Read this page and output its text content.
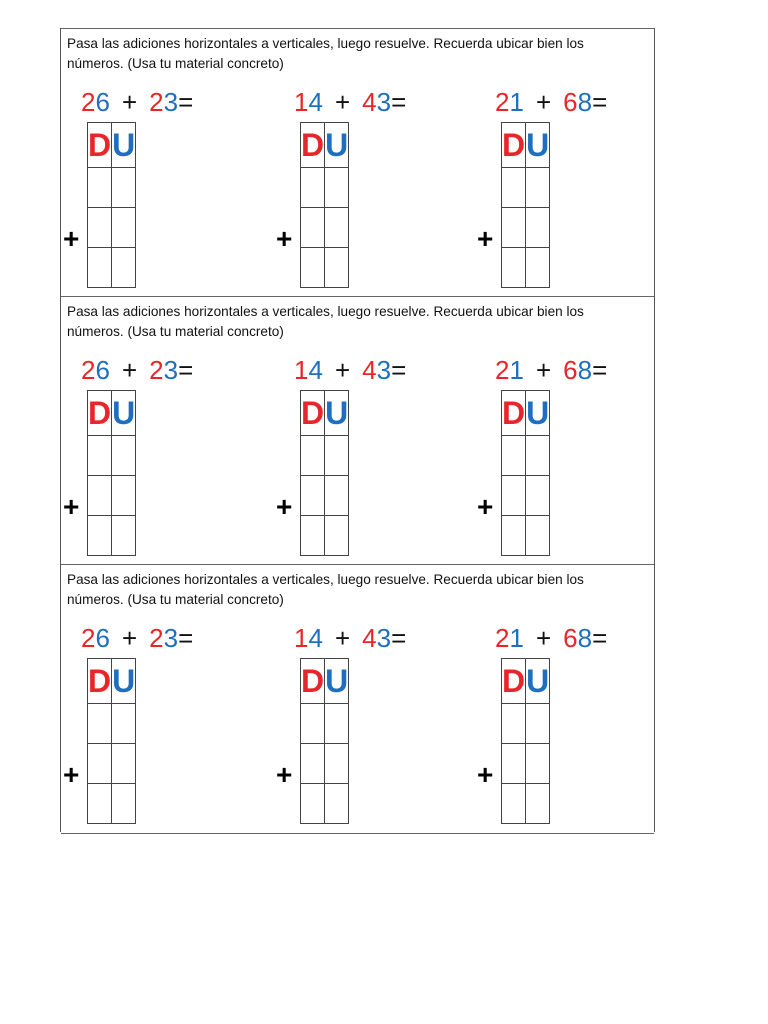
Pasa las adiciones horizontales a verticales, luego resuelve. Recuerda ubicar bien los números. (Usa tu material concreto)
26 + 23=
+
D	U

14 + 43=
+
D	U

21 + 68=
+
D	U

Pasa las adiciones horizontales a verticales, luego resuelve. Recuerda ubicar bien los números. (Usa tu material concreto)
26 + 23=
+
D	U

14 + 43=
+
D	U

21 + 68=
+
D	U

Pasa las adiciones horizontales a verticales, luego resuelve. Recuerda ubicar bien los números. (Usa tu material concreto)
26 + 23=
+
D	U

14 + 43=
+
D	U

21 + 68=
+
D	U
